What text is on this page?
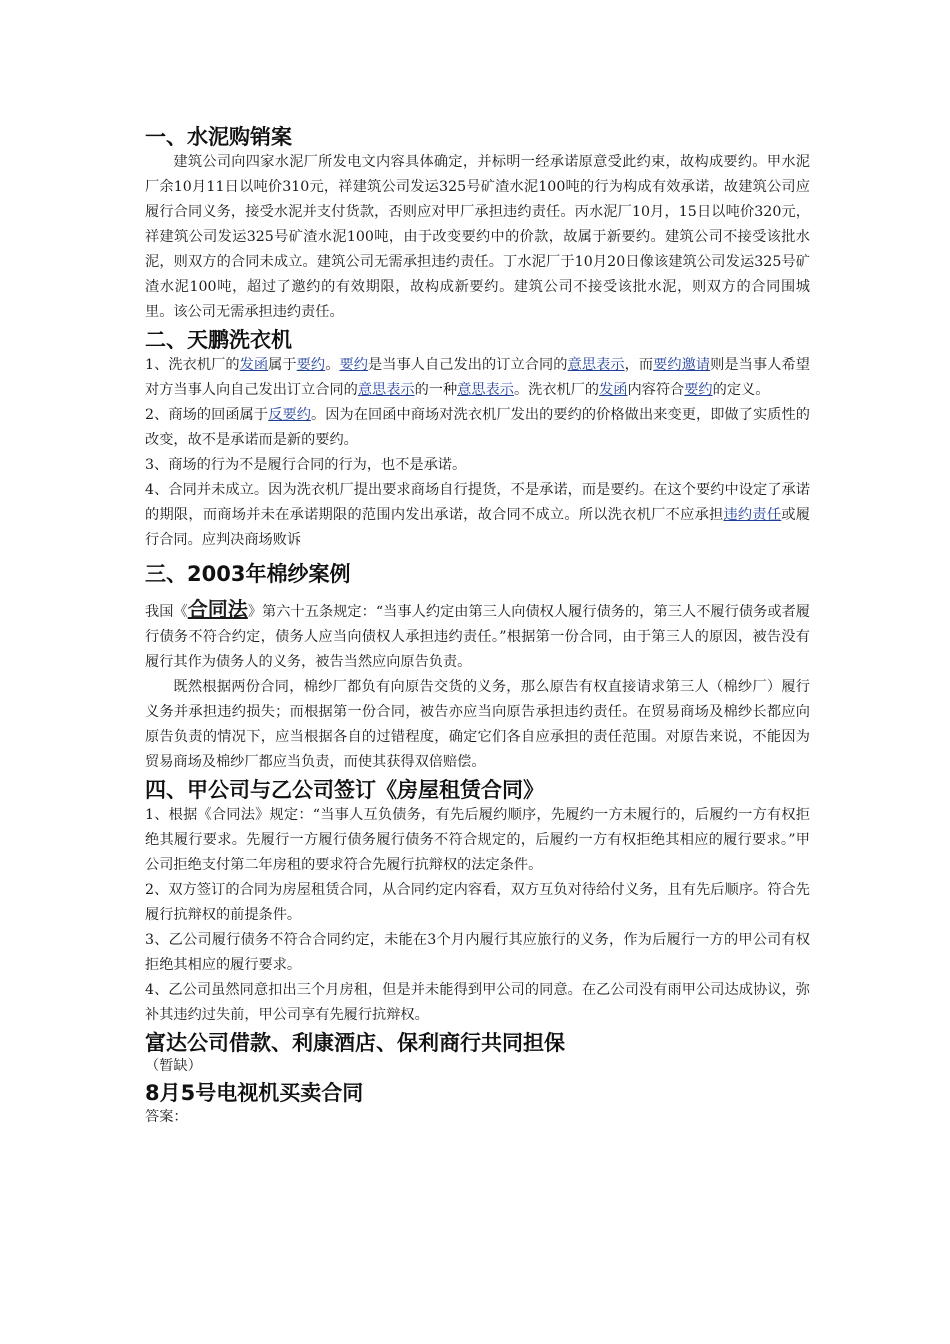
一、水泥购销案

建筑公司向四家水泥厂所发电文内容具体确定，并标明一经承诺原意受此约束，故构成要约。甲水泥厂余10月11日以吨价310元，祥建筑公司发运325号矿渣水泥100吨的行为构成有效承诺，故建筑公司应履行合同义务，接受水泥并支付货款，否则应对甲厂承担违约责任。丙水泥厂10月，15日以吨价320元，祥建筑公司发运325号矿渣水泥100吨，由于改变要约中的价款，故属于新要约。建筑公司不接受该批水泥，则双方的合同未成立。建筑公司无需承担违约责任。丁水泥厂于10月20日像该建筑公司发运325号矿渣水泥100吨，超过了邀约的有效期限，故构成新要约。建筑公司不接受该批水泥，则双方的合同围城里。该公司无需承担违约责任。

二、天鹏洗衣机

1、洗衣机厂的发函属于要约。要约是当事人自己发出的订立合同的意思表示，而要约邀请则是当事人希望对方当事人向自己发出订立合同的意思表示的一种意思表示。洗衣机厂的发函内容符合要约的定义。

2、商场的回函属于反要约。因为在回函中商场对洗衣机厂发出的要约的价格做出来变更，即做了实质性的改变，故不是承诺而是新的要约。

3、商场的行为不是履行合同的行为，也不是承诺。

4、合同并未成立。因为洗衣机厂提出要求商场自行提货，不是承诺，而是要约。在这个要约中设定了承诺的期限，而商场并未在承诺期限的范围内发出承诺，故合同不成立。所以洗衣机厂不应承担违约责任或履行合同。应判决商场败诉

三、2003年棉纱案例

我国《合同法》第六十五条规定：“当事人约定由第三人向债权人履行债务的，第三人不履行债务或者履行债务不符合约定，债务人应当向债权人承担违约责任。”根据第一份合同，由于第三人的原因，被告没有履行其作为债务人的义务，被告当然应向原告负责。

既然根据两份合同，棉纱厂都负有向原告交货的义务，那么原告有权直接请求第三人（棉纱厂）履行义务并承担违约损失；而根据第一份合同，被告亦应当向原告承担违约责任。在贸易商场及棉纱长都应向原告负责的情况下，应当根据各自的过错程度，确定它们各自应承担的责任范围。对原告来说，不能因为贸易商场及棉纱厂都应当负责，而使其获得双倍赔偿。

四、甲公司与乙公司签订《房屋租赁合同》

1、根据《合同法》规定：“当事人互负债务，有先后履约顺序，先履约一方未履行的，后履约一方有权拒绝其履行要求。先履行一方履行债务履行债务不符合规定的，后履约一方有权拒绝其相应的履行要求。”甲公司拒绝支付第二年房租的要求符合先履行抗辩权的法定条件。

2、双方签订的合同为房屋租赁合同，从合同约定内容看，双方互负对待给付义务，且有先后顺序。符合先履行抗辩权的前提条件。

3、乙公司履行债务不符合合同约定，未能在3个月内履行其应旅行的义务，作为后履行一方的甲公司有权拒绝其相应的履行要求。

4、乙公司虽然同意扣出三个月房租，但是并未能得到甲公司的同意。在乙公司没有雨甲公司达成协议，弥补其违约过失前，甲公司享有先履行抗辩权。

富达公司借款、利康酒店、保利商行共同担保

（暂缺）

8月5号电视机买卖合同

答案：
